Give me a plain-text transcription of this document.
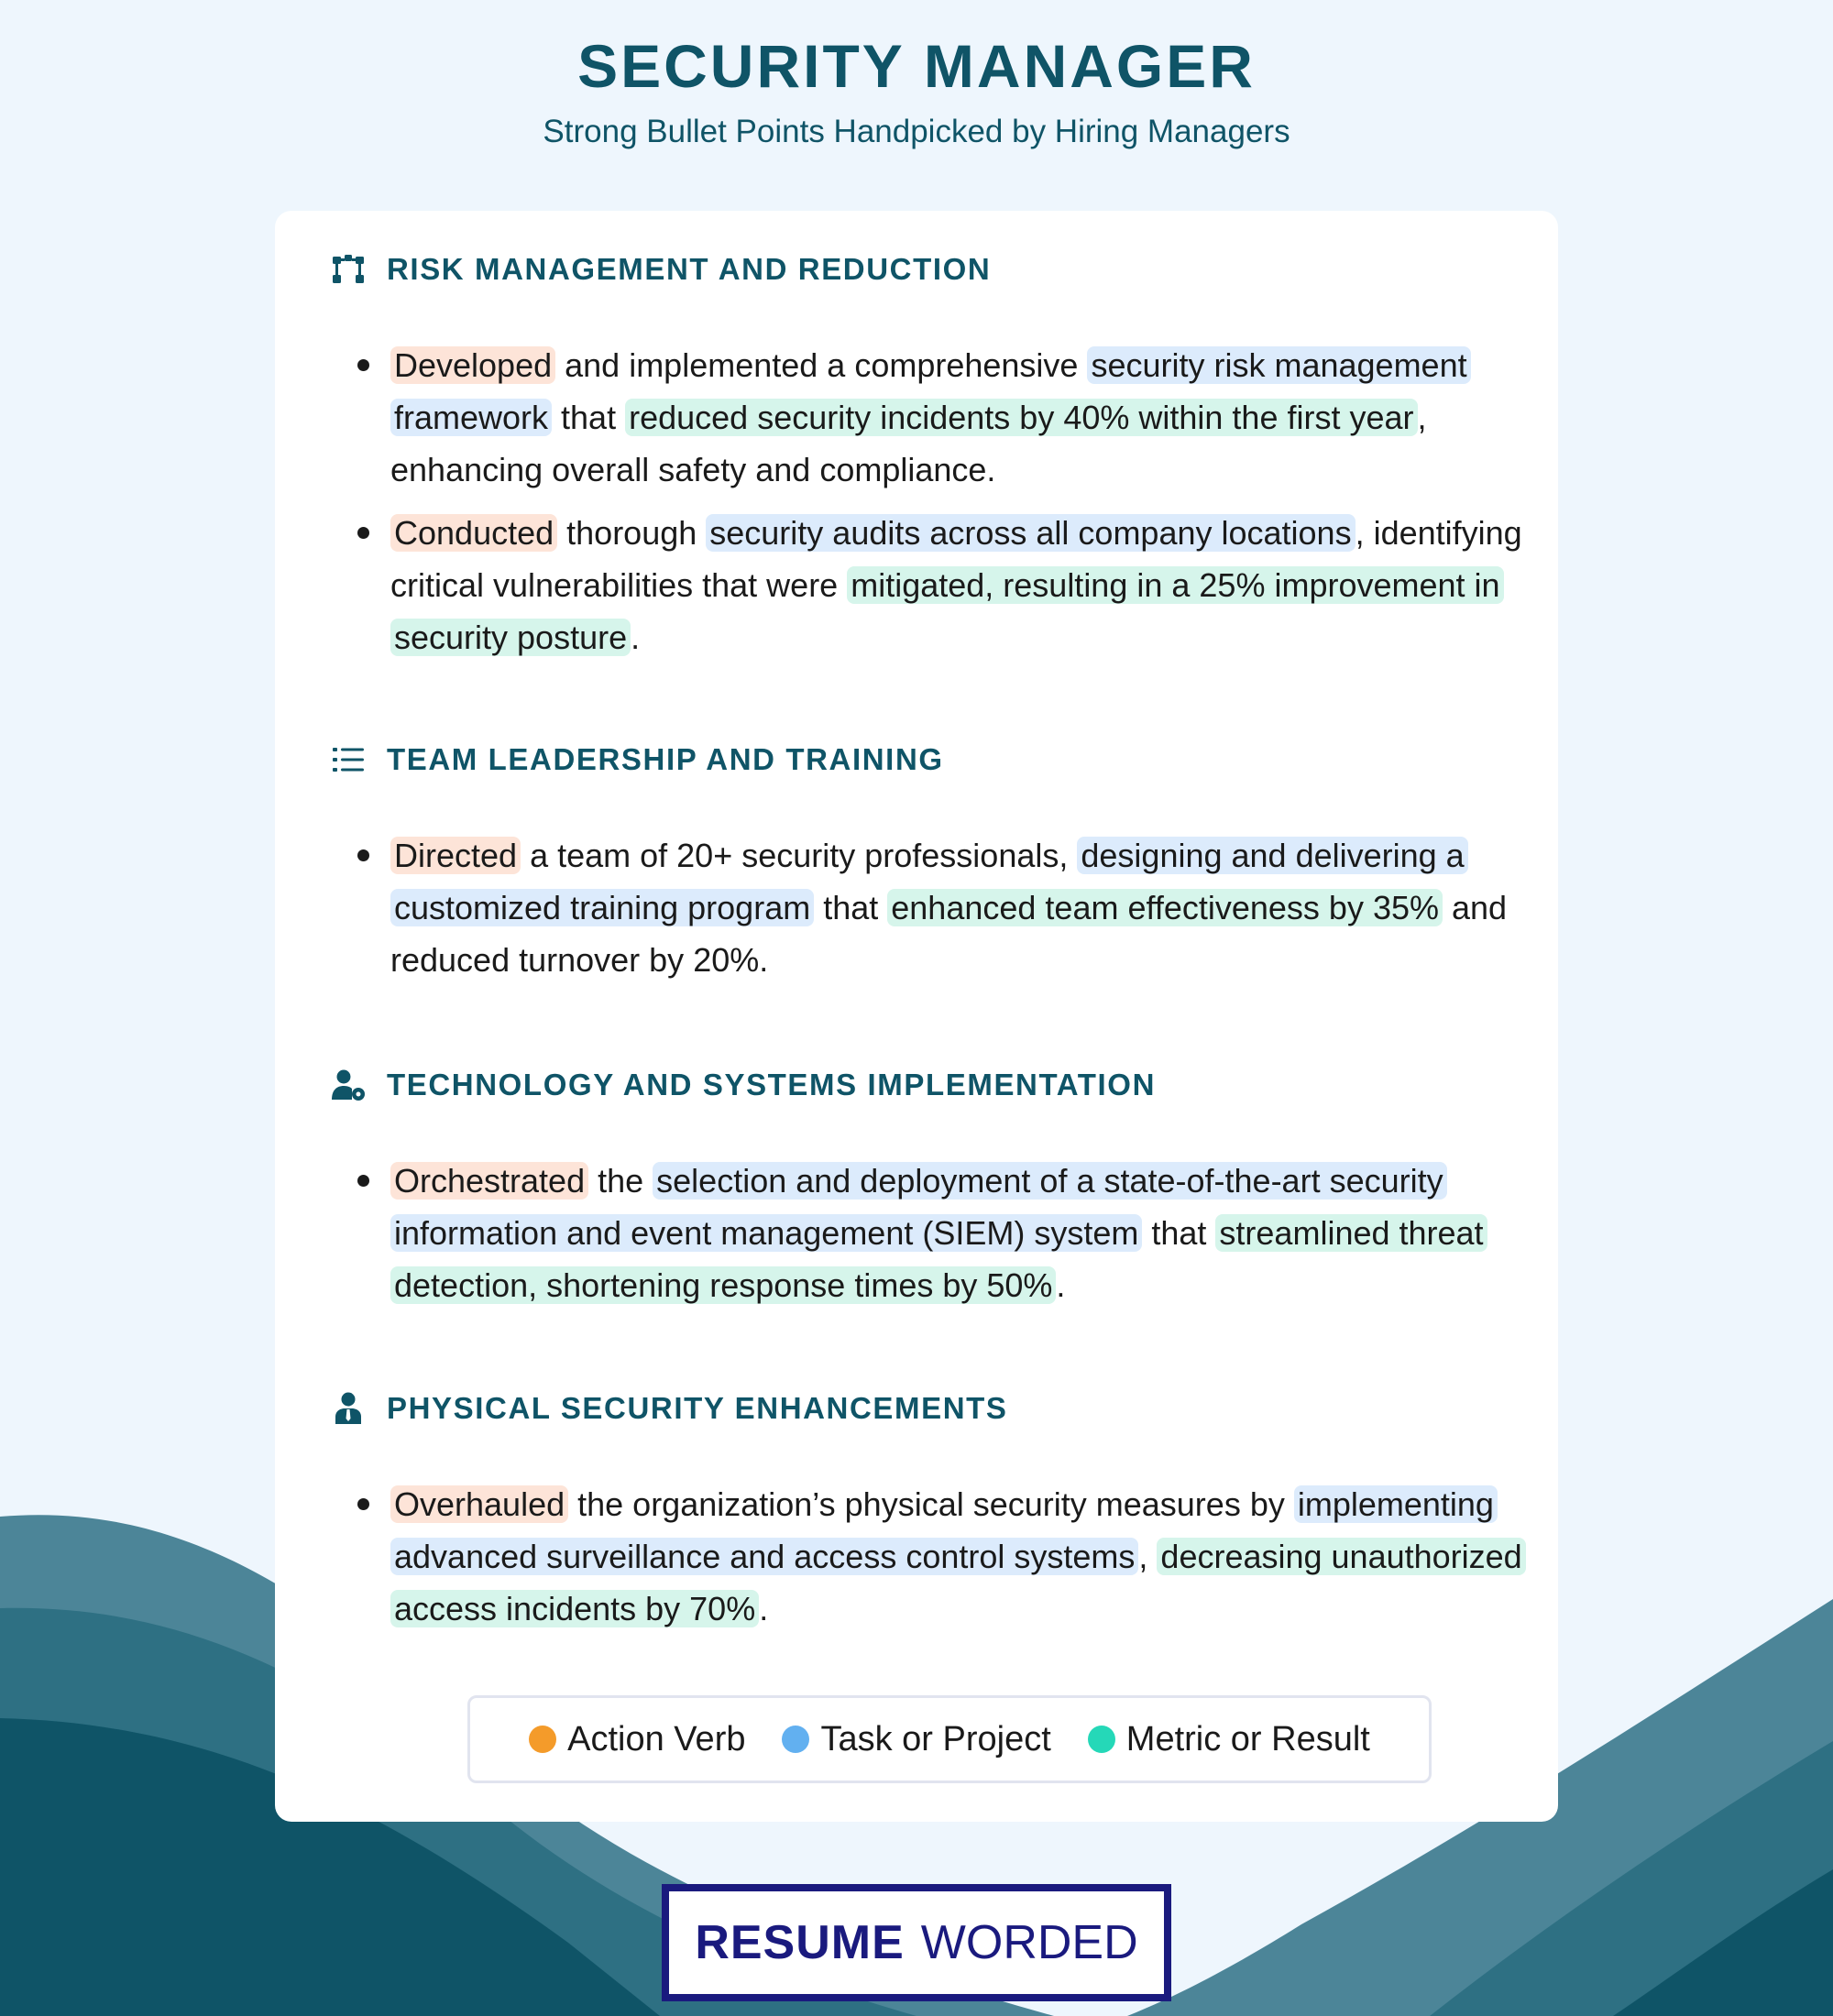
SECURITY MANAGER

Strong Bullet Points Handpicked by Hiring Managers

RISK MANAGEMENT AND REDUCTION
Developed and implemented a comprehensive security risk management framework that reduced security incidents by 40% within the first year , enhancing overall safety and compliance.
Conducted thorough security audits across all company locations , identifying critical vulnerabilities that were mitigated, resulting in a 25% improvement in security posture .
TEAM LEADERSHIP AND TRAINING
Directed a team of 20+ security professionals, designing and delivering a customized training program that enhanced team effectiveness by 35% and reduced turnover by 20%.
TECHNOLOGY AND SYSTEMS IMPLEMENTATION
Orchestrated the selection and deployment of a state-of-the-art security information and event management (SIEM) system that streamlined threat detection, shortening response times by 50% .
PHYSICAL SECURITY ENHANCEMENTS
Overhauled the organization’s physical security measures by implementing advanced surveillance and access control systems , decreasing unauthorized access incidents by 70% .
Action Verb Task or Project Metric or Result
RESUME WORDED
